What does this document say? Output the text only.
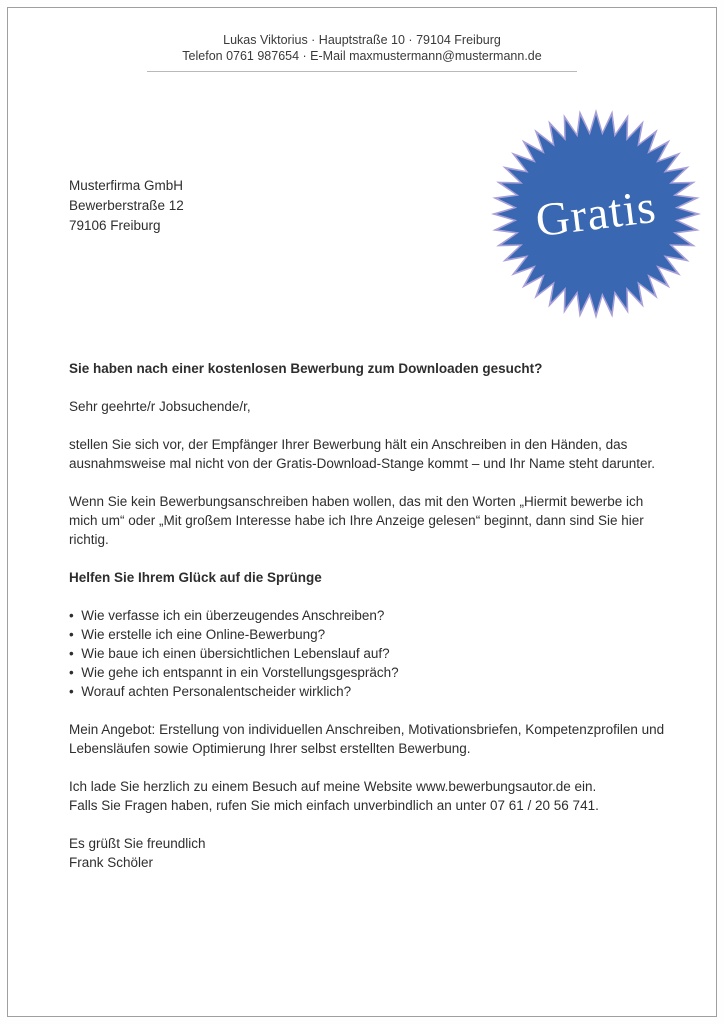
Lukas Viktorius · Hauptstraße 10 · 79104 Freiburg
Telefon 0761 987654 · E-Mail maxmustermann@mustermann.de
Gratis
Musterfirma GmbH
Bewerberstraße 12
79106 Freiburg

Sie haben nach einer kostenlosen Bewerbung zum Downloaden gesucht?

Sehr geehrte/r Jobsuchende/r,

stellen Sie sich vor, der Empfänger Ihrer Bewerbung hält ein Anschreiben in den Händen, das ausnahmsweise mal nicht von der Gratis-Download-Stange kommt – und Ihr Name steht darunter.

Wenn Sie kein Bewerbungsanschreiben haben wollen, das mit den Worten „Hiermit bewerbe ich mich um“ oder „Mit großem Interesse habe ich Ihre Anzeige gelesen“ beginnt, dann sind Sie hier richtig.

Helfen Sie Ihrem Glück auf die Sprünge

•  Wie verfasse ich ein überzeugendes Anschreiben?
•  Wie erstelle ich eine Online-Bewerbung?
•  Wie baue ich einen übersichtlichen Lebenslauf auf?
•  Wie gehe ich entspannt in ein Vorstellungsgespräch?
•  Worauf achten Personalentscheider wirklich?

Mein Angebot: Erstellung von individuellen Anschreiben, Motivationsbriefen, Kompetenzprofilen und Lebensläufen sowie Optimierung Ihrer selbst erstellten Bewerbung.

Ich lade Sie herzlich zu einem Besuch auf meine Website www.bewerbungsautor.de ein.
Falls Sie Fragen haben, rufen Sie mich einfach unverbindlich an unter 07 61 / 20 56 741.

Es grüßt Sie freundlich
Frank Schöler
